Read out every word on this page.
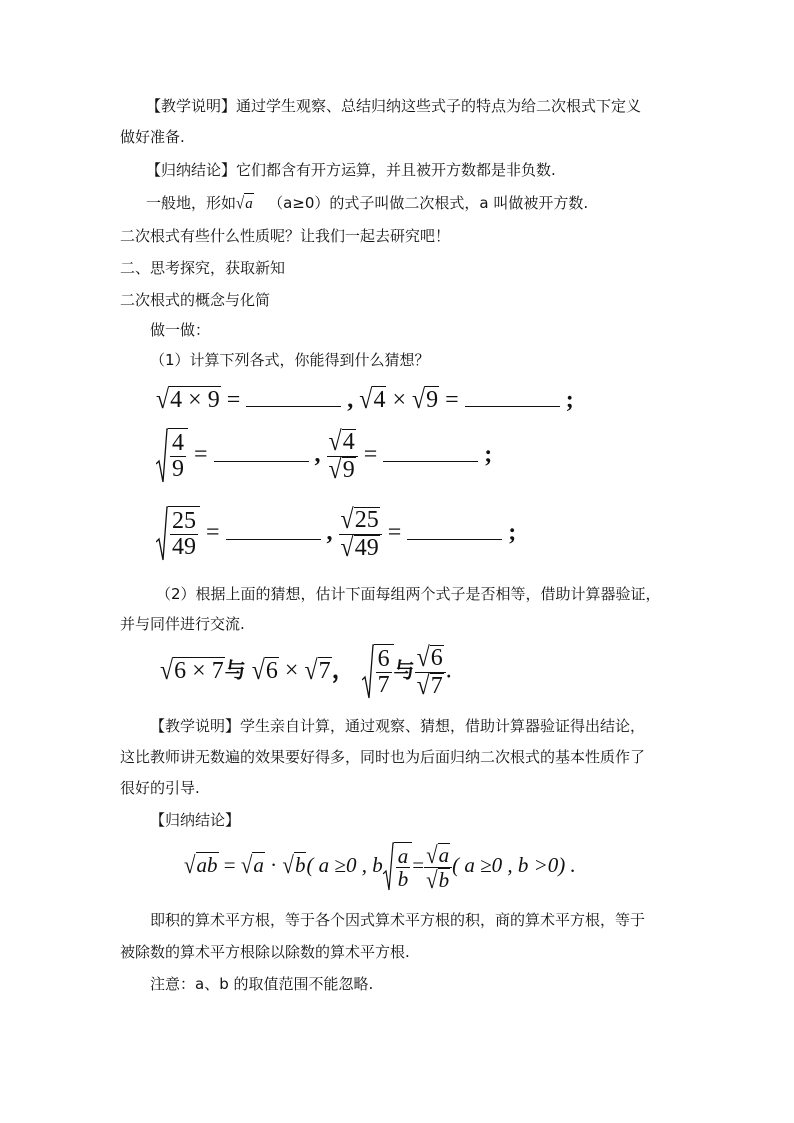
【教学说明】通过学生观察、总结归纳这些式子的特点为给二次根式下定义
做好准备.
【归纳结论】它们都含有开方运算，并且被开方数都是非负数.
一般地，形如√a （a≥0）的式子叫做二次根式，a 叫做被开方数.
二次根式有些什么性质呢？让我们一起去研究吧！
二、思考探究，获取新知
二次根式的概念与化简
做一做：
（1）计算下列各式，你能得到什么猜想？
√4 × 9 =	, √4 × √9 =	;
$\frac{4}{9}$ =	, $\frac{√4}{√9}$ =	;
$\frac{25}{49}$ =	, $\frac{√25}{√49}$ =	;
（2）根据上面的猜想，估计下面每组两个式子是否相等，借助计算器验证，
并与同伴进行交流.
√6 × 7与 √6 × √7， $\frac{6}{7}$ 与 $\frac{√6}{√7}$ .
【教学说明】学生亲自计算，通过观察、猜想，借助计算器验证得出结论，
这比教师讲无数遍的效果要好得多，同时也为后面归纳二次根式的基本性质作了
很好的引导.
【归纳结论】
√ab = √a · √b( a ≥0 , b $\frac{a}{b} = \frac{√a}{√b}$ ( a ≥0 , b >0) .
即积的算术平方根，等于各个因式算术平方根的积，商的算术平方根，等于
被除数的算术平方根除以除数的算术平方根.
注意：a、b 的取值范围不能忽略.
